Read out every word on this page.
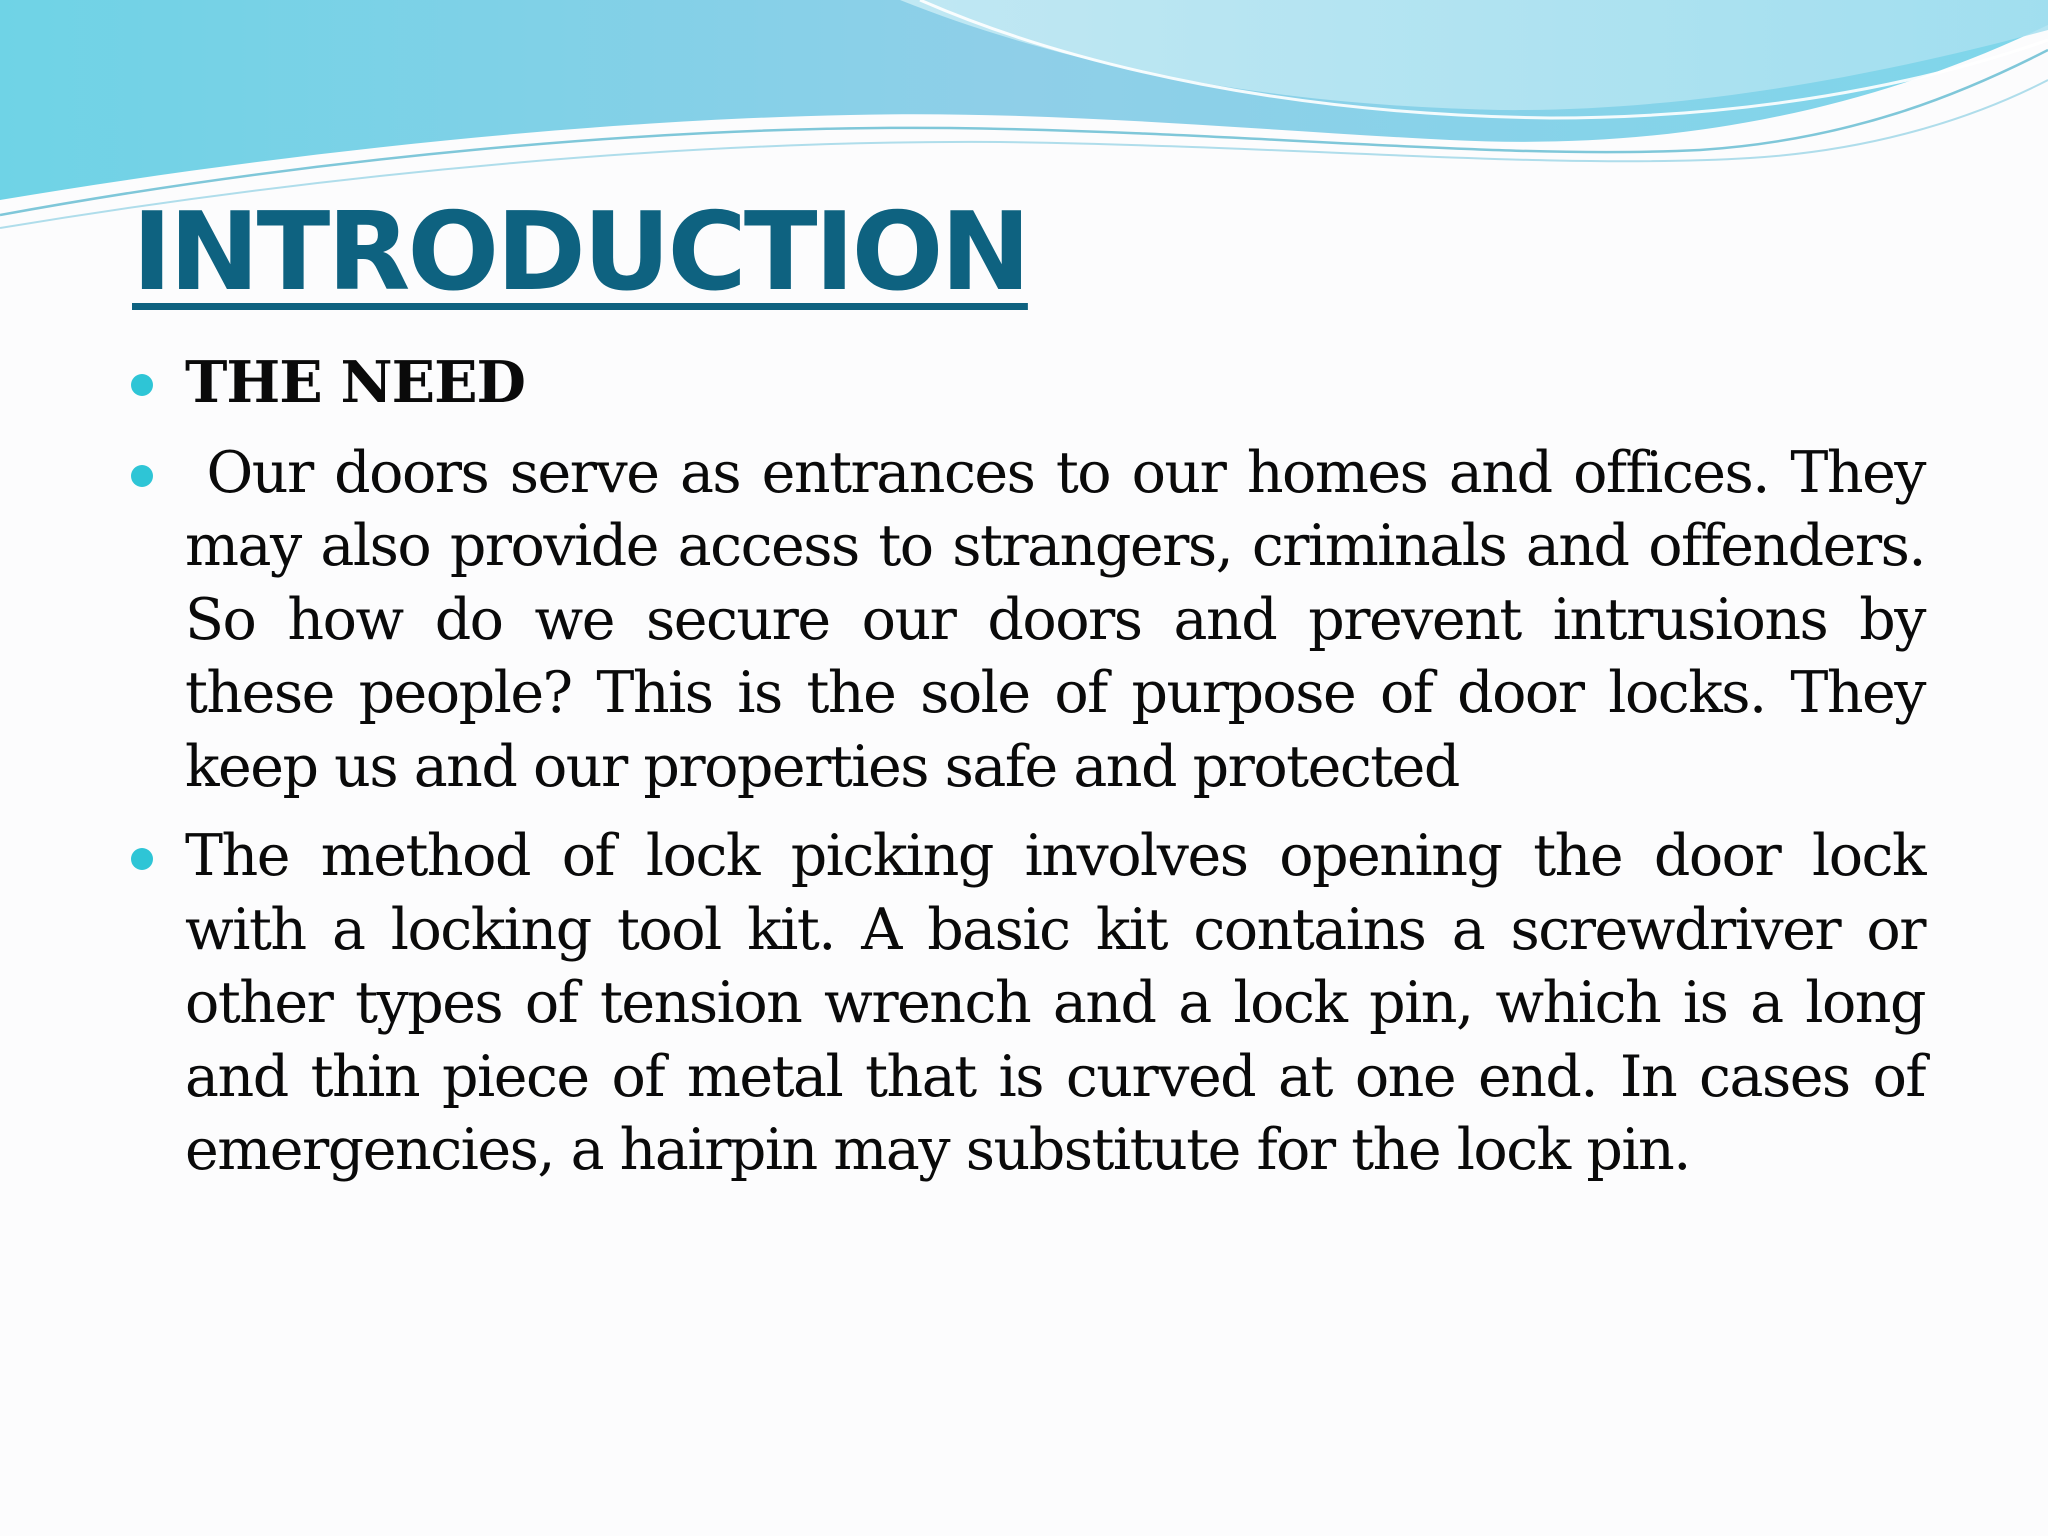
INTRODUCTION
THE NEED
Our doors serve as entrances to our homes and offices. They may also provide access to strangers, criminals and offenders. So how do we secure our doors and prevent intrusions by these people? This is the sole of purpose of door locks. They keep us and our properties safe and protected
The method of lock picking involves opening the door lock with a locking tool kit. A basic kit contains a screwdriver or other types of tension wrench and a lock pin, which is a long and thin piece of metal that is curved at one end. In cases of emergencies, a hairpin may substitute for the lock pin.
